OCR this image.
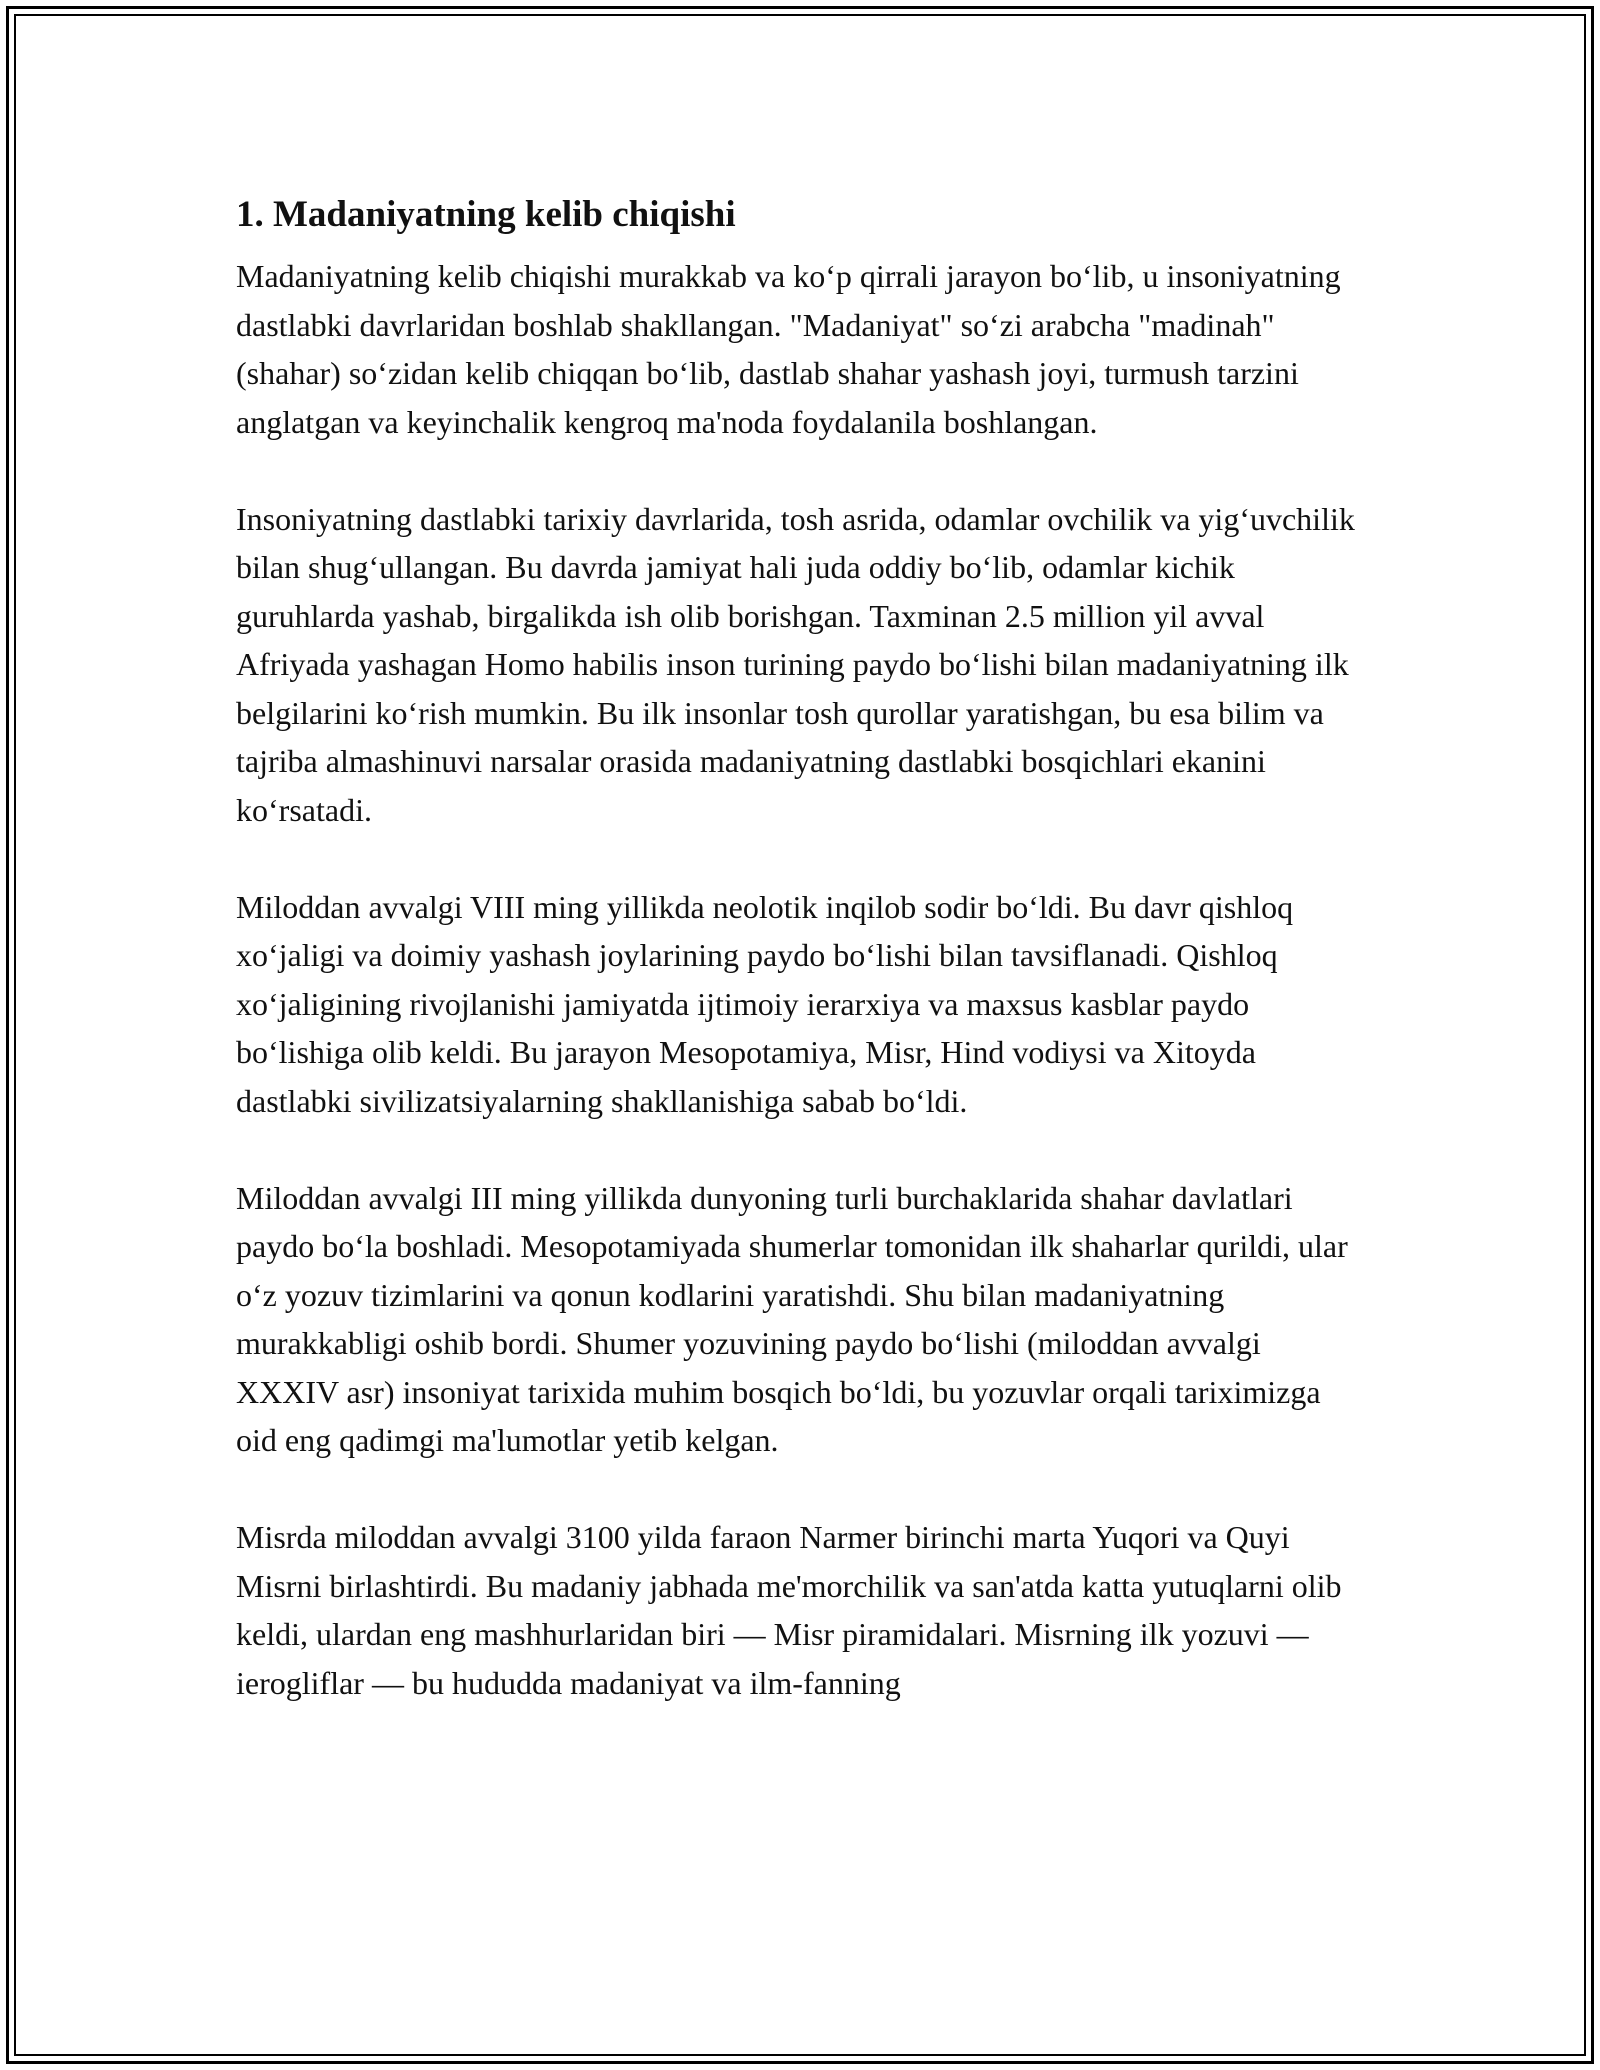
1. Madaniyatning kelib chiqishi

Madaniyatning kelib chiqishi murakkab va ko‘p qirrali jarayon bo‘lib, u insoniyatning dastlabki davrlaridan boshlab shakllangan. "Madaniyat" so‘zi arabcha "madinah" (shahar) so‘zidan kelib chiqqan bo‘lib, dastlab shahar yashash joyi, turmush tarzini anglatgan va keyinchalik kengroq ma'noda foydalanila boshlangan.

Insoniyatning dastlabki tarixiy davrlarida, tosh asrida, odamlar ovchilik va yig‘uvchilik bilan shug‘ullangan. Bu davrda jamiyat hali juda oddiy bo‘lib, odamlar kichik guruhlarda yashab, birgalikda ish olib borishgan. Taxminan 2.5 million yil avval Afriyada yashagan Homo habilis inson turining paydo bo‘lishi bilan madaniyatning ilk belgilarini ko‘rish mumkin. Bu ilk insonlar tosh qurollar yaratishgan, bu esa bilim va tajriba almashinuvi narsalar orasida madaniyatning dastlabki bosqichlari ekanini ko‘rsatadi.

Miloddan avvalgi VIII ming yillikda neolotik inqilob sodir bo‘ldi. Bu davr qishloq xo‘jaligi va doimiy yashash joylarining paydo bo‘lishi bilan tavsiflanadi. Qishloq xo‘jaligining rivojlanishi jamiyatda ijtimoiy ierarxiya va maxsus kasblar paydo bo‘lishiga olib keldi. Bu jarayon Mesopotamiya, Misr, Hind vodiysi va Xitoyda dastlabki sivilizatsiyalarning shakllanishiga sabab bo‘ldi.

Miloddan avvalgi III ming yillikda dunyoning turli burchaklarida shahar davlatlari paydo bo‘la boshladi. Mesopotamiyada shumerlar tomonidan ilk shaharlar qurildi, ular o‘z yozuv tizimlarini va qonun kodlarini yaratishdi. Shu bilan madaniyatning murakkabligi oshib bordi. Shumer yozuvining paydo bo‘lishi (miloddan avvalgi XXXIV asr) insoniyat tarixida muhim bosqich bo‘ldi, bu yozuvlar orqali tariximizga oid eng qadimgi ma'lumotlar yetib kelgan.

Misrda miloddan avvalgi 3100 yilda faraon Narmer birinchi marta Yuqori va Quyi Misrni birlashtirdi. Bu madaniy jabhada me'morchilik va san'atda katta yutuqlarni olib keldi, ulardan eng mashhurlaridan biri — Misr piramidalari. Misrning ilk yozuvi — ierogliflar — bu hududda madaniyat va ilm-fanning
